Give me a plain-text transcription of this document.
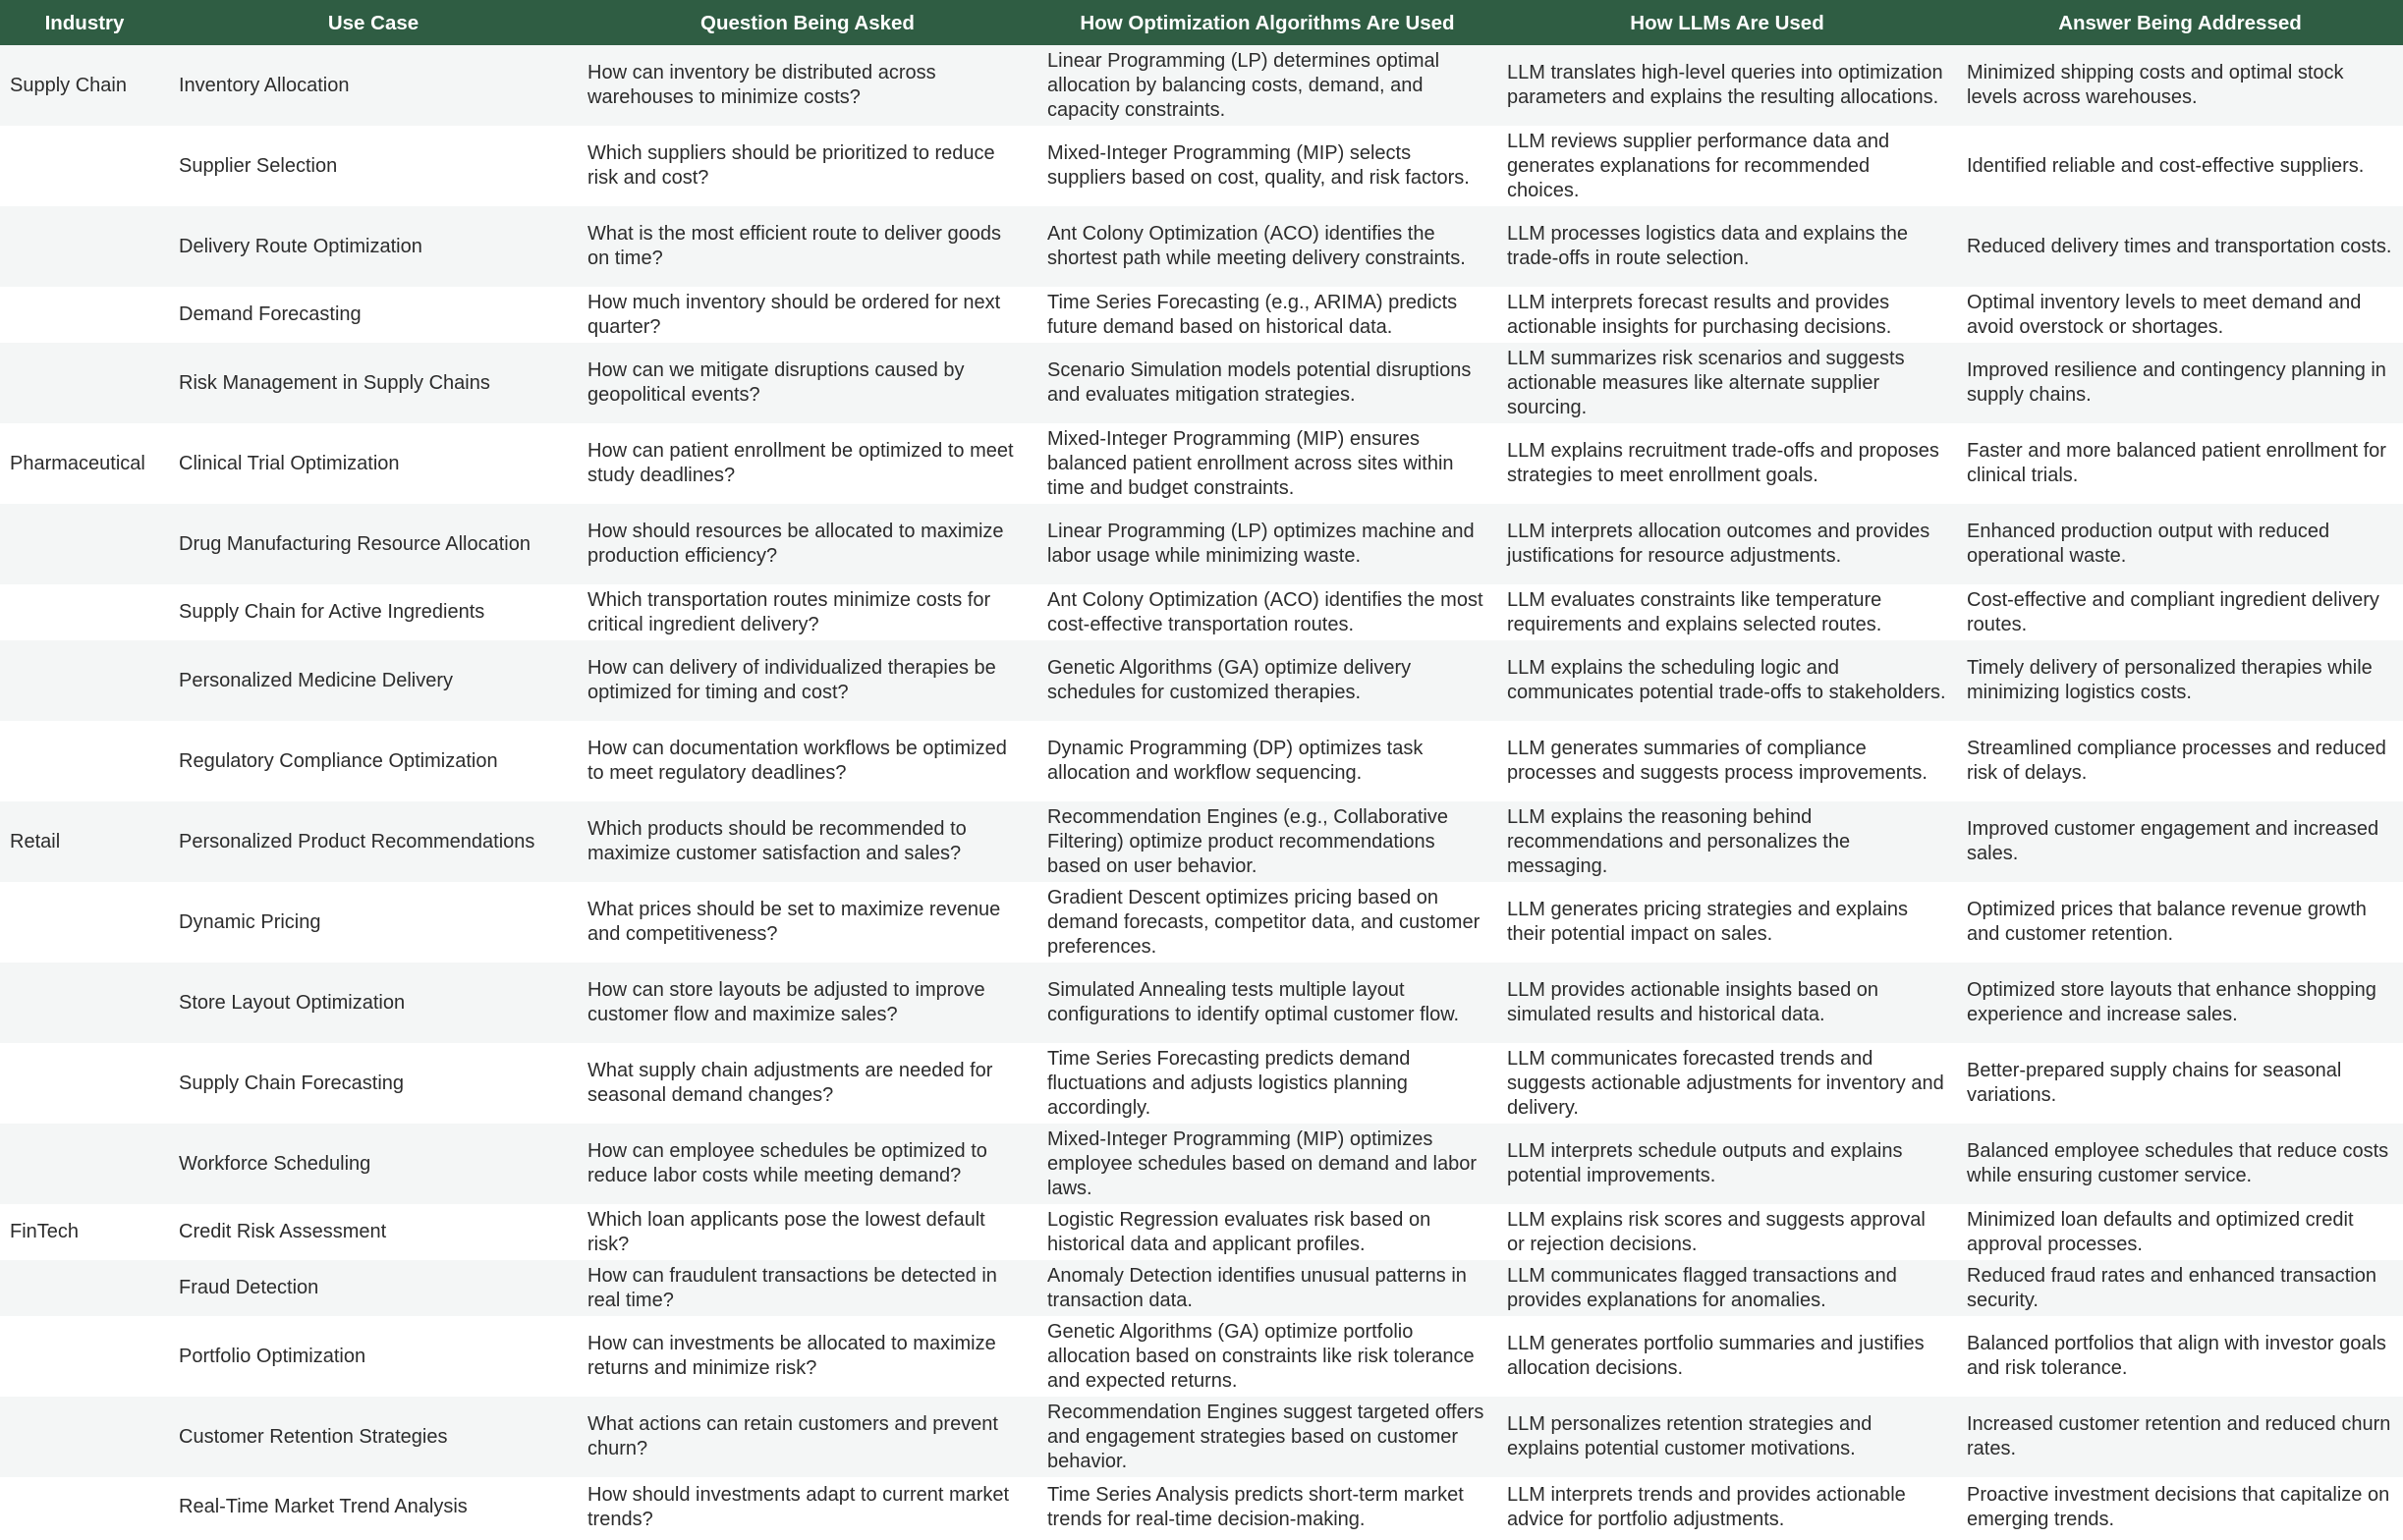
Industry	Use Case	Question Being Asked	How Optimization Algorithms Are Used	How LLMs Are Used	Answer Being Addressed
Supply Chain	Inventory Allocation	How can inventory be distributed across warehouses to minimize costs?	Linear Programming (LP) determines optimal allocation by balancing costs, demand, and capacity constraints.	LLM translates high-level queries into optimization parameters and explains the resulting allocations.	Minimized shipping costs and optimal stock levels across warehouses.
	Supplier Selection	Which suppliers should be prioritized to reduce risk and cost?	Mixed-Integer Programming (MIP) selects suppliers based on cost, quality, and risk factors.	LLM reviews supplier performance data and generates explanations for recommended choices.	Identified reliable and cost-effective suppliers.
	Delivery Route Optimization	What is the most efficient route to deliver goods on time?	Ant Colony Optimization (ACO) identifies the shortest path while meeting delivery constraints.	LLM processes logistics data and explains the trade-offs in route selection.	Reduced delivery times and transportation costs.
	Demand Forecasting	How much inventory should be ordered for next quarter?	Time Series Forecasting (e.g., ARIMA) predicts future demand based on historical data.	LLM interprets forecast results and provides actionable insights for purchasing decisions.	Optimal inventory levels to meet demand and avoid overstock or shortages.
	Risk Management in Supply Chains	How can we mitigate disruptions caused by geopolitical events?	Scenario Simulation models potential disruptions and evaluates mitigation strategies.	LLM summarizes risk scenarios and suggests actionable measures like alternate supplier sourcing.	Improved resilience and contingency planning in supply chains.
Pharmaceutical	Clinical Trial Optimization	How can patient enrollment be optimized to meet study deadlines?	Mixed-Integer Programming (MIP) ensures balanced patient enrollment across sites within time and budget constraints.	LLM explains recruitment trade-offs and proposes strategies to meet enrollment goals.	Faster and more balanced patient enrollment for clinical trials.
	Drug Manufacturing Resource Allocation	How should resources be allocated to maximize production efficiency?	Linear Programming (LP) optimizes machine and labor usage while minimizing waste.	LLM interprets allocation outcomes and provides justifications for resource adjustments.	Enhanced production output with reduced operational waste.
	Supply Chain for Active Ingredients	Which transportation routes minimize costs for critical ingredient delivery?	Ant Colony Optimization (ACO) identifies the most cost-effective transportation routes.	LLM evaluates constraints like temperature requirements and explains selected routes.	Cost-effective and compliant ingredient delivery routes.
	Personalized Medicine Delivery	How can delivery of individualized therapies be optimized for timing and cost?	Genetic Algorithms (GA) optimize delivery schedules for customized therapies.	LLM explains the scheduling logic and communicates potential trade-offs to stakeholders.	Timely delivery of personalized therapies while minimizing logistics costs.
	Regulatory Compliance Optimization	How can documentation workflows be optimized to meet regulatory deadlines?	Dynamic Programming (DP) optimizes task allocation and workflow sequencing.	LLM generates summaries of compliance processes and suggests process improvements.	Streamlined compliance processes and reduced risk of delays.
Retail	Personalized Product Recommendations	Which products should be recommended to maximize customer satisfaction and sales?	Recommendation Engines (e.g., Collaborative Filtering) optimize product recommendations based on user behavior.	LLM explains the reasoning behind recommendations and personalizes the messaging.	Improved customer engagement and increased sales.
	Dynamic Pricing	What prices should be set to maximize revenue and competitiveness?	Gradient Descent optimizes pricing based on demand forecasts, competitor data, and customer preferences.	LLM generates pricing strategies and explains their potential impact on sales.	Optimized prices that balance revenue growth and customer retention.
	Store Layout Optimization	How can store layouts be adjusted to improve customer flow and maximize sales?	Simulated Annealing tests multiple layout configurations to identify optimal customer flow.	LLM provides actionable insights based on simulated results and historical data.	Optimized store layouts that enhance shopping experience and increase sales.
	Supply Chain Forecasting	What supply chain adjustments are needed for seasonal demand changes?	Time Series Forecasting predicts demand fluctuations and adjusts logistics planning accordingly.	LLM communicates forecasted trends and suggests actionable adjustments for inventory and delivery.	Better-prepared supply chains for seasonal variations.
	Workforce Scheduling	How can employee schedules be optimized to reduce labor costs while meeting demand?	Mixed-Integer Programming (MIP) optimizes employee schedules based on demand and labor laws.	LLM interprets schedule outputs and explains potential improvements.	Balanced employee schedules that reduce costs while ensuring customer service.
FinTech	Credit Risk Assessment	Which loan applicants pose the lowest default risk?	Logistic Regression evaluates risk based on historical data and applicant profiles.	LLM explains risk scores and suggests approval or rejection decisions.	Minimized loan defaults and optimized credit approval processes.
	Fraud Detection	How can fraudulent transactions be detected in real time?	Anomaly Detection identifies unusual patterns in transaction data.	LLM communicates flagged transactions and provides explanations for anomalies.	Reduced fraud rates and enhanced transaction security.
	Portfolio Optimization	How can investments be allocated to maximize returns and minimize risk?	Genetic Algorithms (GA) optimize portfolio allocation based on constraints like risk tolerance and expected returns.	LLM generates portfolio summaries and justifies allocation decisions.	Balanced portfolios that align with investor goals and risk tolerance.
	Customer Retention Strategies	What actions can retain customers and prevent churn?	Recommendation Engines suggest targeted offers and engagement strategies based on customer behavior.	LLM personalizes retention strategies and explains potential customer motivations.	Increased customer retention and reduced churn rates.
	Real-Time Market Trend Analysis	How should investments adapt to current market trends?	Time Series Analysis predicts short-term market trends for real-time decision-making.	LLM interprets trends and provides actionable advice for portfolio adjustments.	Proactive investment decisions that capitalize on emerging trends.
